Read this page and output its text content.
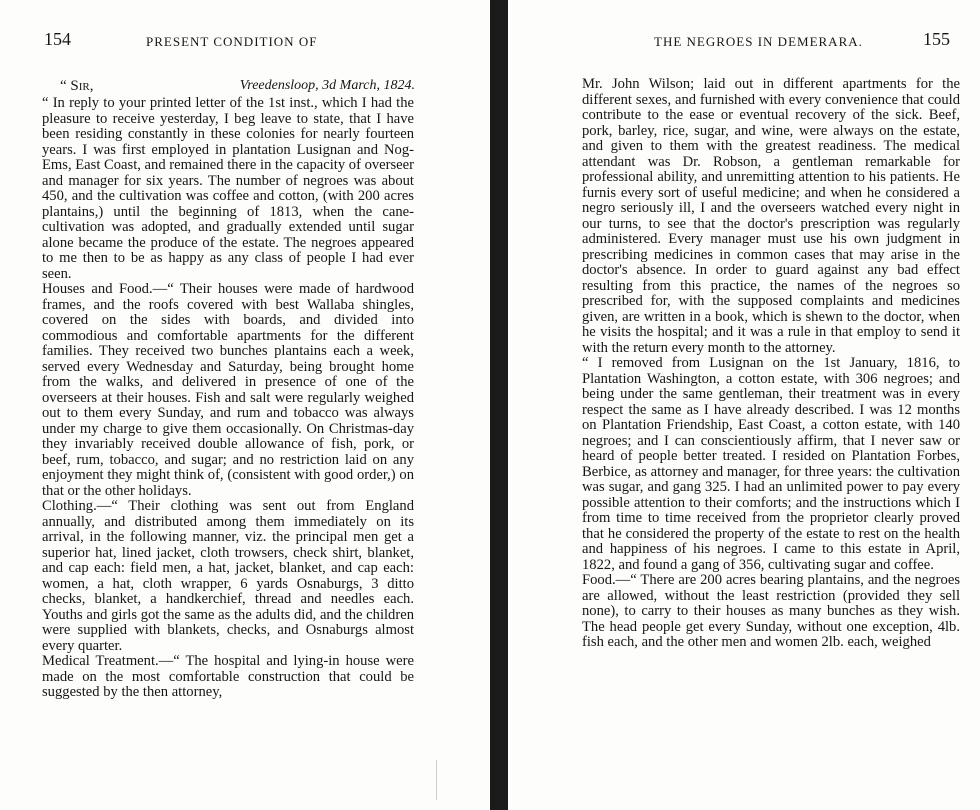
154	PRESENT CONDITION OF
“ Sir,	Vreedensloop, 3d March, 1824.
“ In reply to your printed letter of the 1st inst., which I had the pleasure to receive yesterday, I beg leave to state, that I have been residing constantly in these colonies for nearly fourteen years. I was first employed in plantation Lusignan and Nog-Ems, East Coast, and remained there in the capacity of overseer and manager for six years. The number of negroes was about 450, and the cultivation was coffee and cotton, (with 200 acres plantains,) until the beginning of 1813, when the cane-cultivation was adopted, and gradually extended until sugar alone became the produce of the estate. The negroes appeared to me then to be as happy as any class of people I had ever seen.
Houses and Food.—“ Their houses were made of hardwood frames, and the roofs covered with best Wallaba shingles, covered on the sides with boards, and divided into commodious and comfortable apartments for the different families. They received two bunches plantains each a week, served every Wednesday and Saturday, being brought home from the walks, and delivered in presence of one of the overseers at their houses. Fish and salt were regularly weighed out to them every Sunday, and rum and tobacco was always under my charge to give them occasionally. On Christmas-day they invariably received double allowance of fish, pork, or beef, rum, tobacco, and sugar; and no restriction laid on any enjoyment they might think of, (consistent with good order,) on that or the other holidays.
Clothing.—“ Their clothing was sent out from England annually, and distributed among them immediately on its arrival, in the following manner, viz. the principal men get a superior hat, lined jacket, cloth trowsers, check shirt, blanket, and cap each: field men, a hat, jacket, blanket, and cap each: women, a hat, cloth wrapper, 6 yards Osnaburgs, 3 ditto checks, blanket, a handkerchief, thread and needles each. Youths and girls got the same as the adults did, and the children were supplied with blankets, checks, and Osnaburgs almost every quarter.
Medical Treatment.—“ The hospital and lying-in house were made on the most comfortable construction that could be suggested by the then attorney,
THE NEGROES IN DEMERARA.	155
Mr. John Wilson; laid out in different apartments for the different sexes, and furnished with every convenience that could contribute to the ease or eventual recovery of the sick. Beef, pork, barley, rice, sugar, and wine, were always on the estate, and given to them with the greatest readiness. The medical attendant was Dr. Robson, a gentleman remarkable for professional ability, and unremitting attention to his patients. He furnis every sort of useful medicine; and when he considered a negro seriously ill, I and the overseers watched every night in our turns, to see that the doctor's prescription was regularly administered. Every manager must use his own judgment in prescribing medicines in common cases that may arise in the doctor's absence. In order to guard against any bad effect resulting from this practice, the names of the negroes so prescribed for, with the supposed complaints and medicines given, are written in a book, which is shewn to the doctor, when he visits the hospital; and it was a rule in that employ to send it with the return every month to the attorney.
“ I removed from Lusignan on the 1st January, 1816, to Plantation Washington, a cotton estate, with 306 negroes; and being under the same gentleman, their treatment was in every respect the same as I have already described. I was 12 months on Plantation Friendship, East Coast, a cotton estate, with 140 negroes; and I can conscientiously affirm, that I never saw or heard of people better treated. I resided on Plantation Forbes, Berbice, as attorney and manager, for three years: the cultivation was sugar, and gang 325. I had an unlimited power to pay every possible attention to their comforts; and the instructions which I from time to time received from the proprietor clearly proved that he considered the property of the estate to rest on the health and happiness of his negroes. I came to this estate in April, 1822, and found a gang of 356, cultivating sugar and coffee.
Food.—“ There are 200 acres bearing plantains, and the negroes are allowed, without the least restriction (provided they sell none), to carry to their houses as many bunches as they wish. The head people get every Sunday, without one exception, 4lb. fish each, and the other men and women 2lb. each, weighed
